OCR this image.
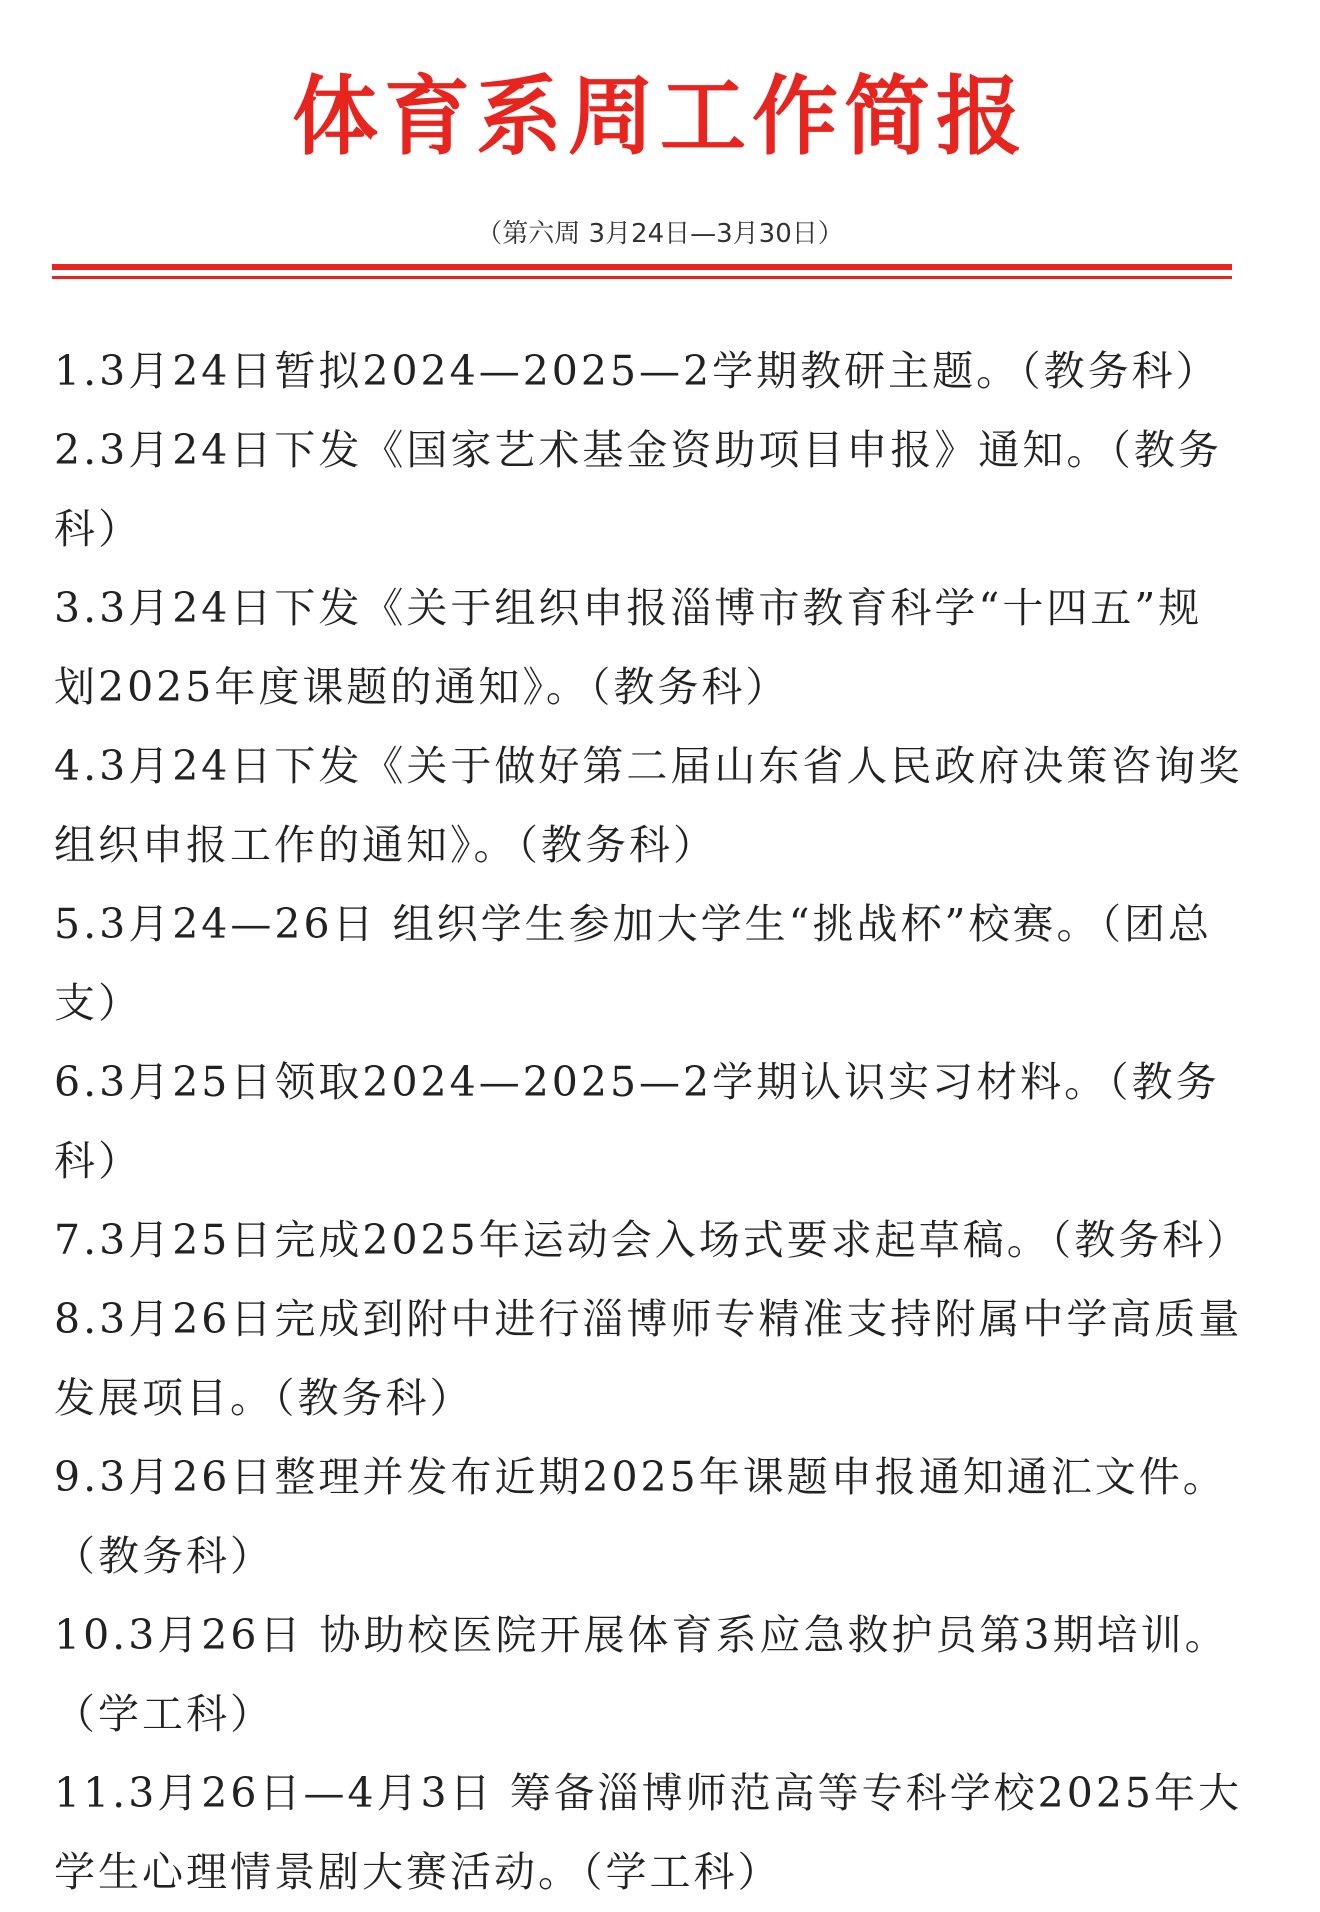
体育系周工作简报
（第六周 3月24日—3月30日）
1.3月24日暂拟2024—2025—2学期教研主题。（教务科）
2.3月24日下发《国家艺术基金资助项目申报》通知。（教务科）
3.3月24日下发《关于组织申报淄博市教育科学“十四五”规划2025年度课题的通知》。（教务科）
4.3月24日下发《关于做好第二届山东省人民政府决策咨询奖组织申报工作的通知》。（教务科）
5.3月24—26日 组织学生参加大学生“挑战杯”校赛。（团总支）
6.3月25日领取2024—2025—2学期认识实习材料。（教务科）
7.3月25日完成2025年运动会入场式要求起草稿。（教务科）
8.3月26日完成到附中进行淄博师专精准支持附属中学高质量发展项目。（教务科）
9.3月26日整理并发布近期2025年课题申报通知通汇文件。（教务科）
10.3月26日 协助校医院开展体育系应急救护员第3期培训。（学工科）
11.3月26日—4月3日 筹备淄博师范高等专科学校2025年大学生心理情景剧大赛活动。（学工科）
